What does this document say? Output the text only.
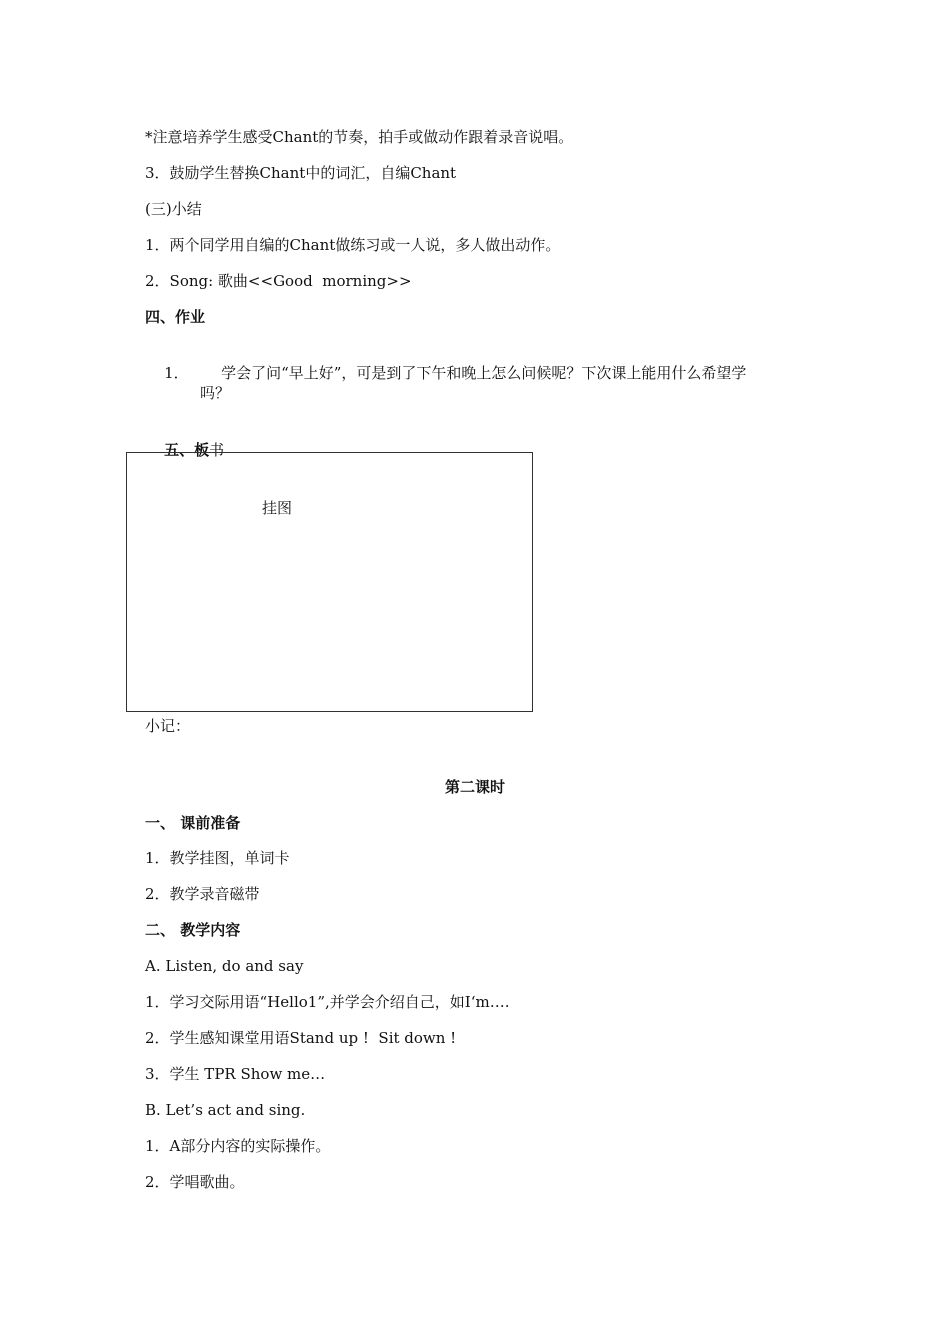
*注意培养学生感受Chant的节奏，拍手或做动作跟着录音说唱。
3．鼓励学生替换Chant中的词汇，自编Chant
(三)小结
1．两个同学用自编的Chant做练习或一人说，多人做出动作。
2．Song: 歌曲<<Good  morning>>
四、作业

1． 学会了问“早上好”，可是到了下午和晚上怎么问候呢？下次课上能用什么希望学

吗？

五、板书

挂图
小记：
第二课时
一、 课前准备
1．教学挂图，单词卡
2．教学录音磁带
二、 教学内容
A. Listen, do and say
1．学习交际用语“Hello1”,并学会介绍自己，如I‘m….
2．学生感知课堂用语Stand up !  Sit down !
3．学生 TPR Show me…
B. Let’s act and sing.
1．A部分内容的实际操作。
2．学唱歌曲。
